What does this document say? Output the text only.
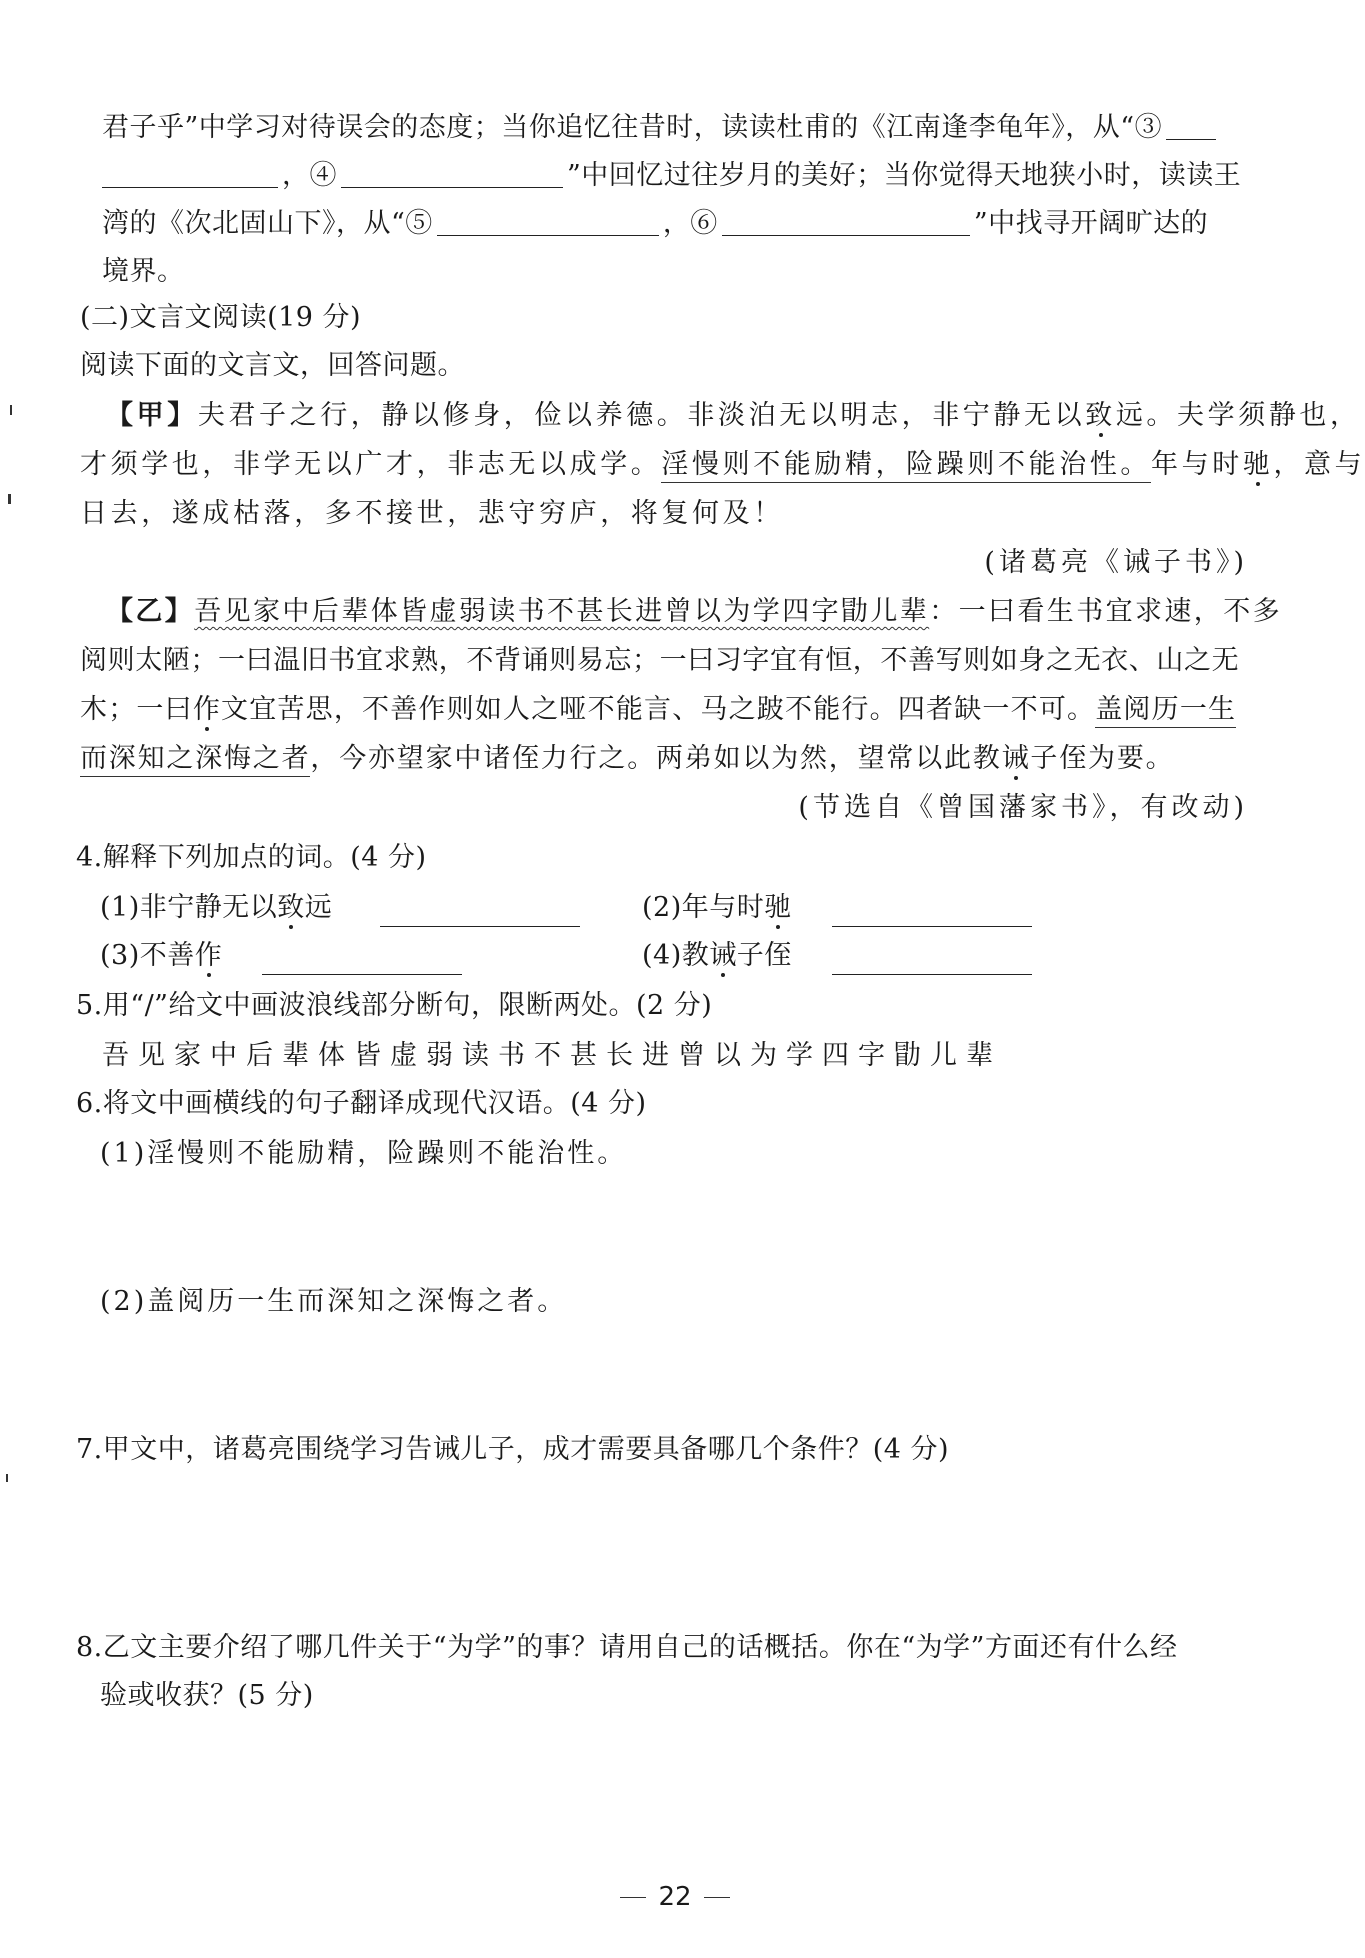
君子乎”中学习对待误会的态度；当你追忆往昔时，读读杜甫的《江南逢李龟年》，从“③
，④	”中回忆过往岁月的美好；当你觉得天地狭小时，读读王
湾的《次北固山下》，从“⑤	，⑥	”中找寻开阔旷达的
境界。
(二)文言文阅读(19 分)
阅读下面的文言文，回答问题。
【甲】夫君子之行，静以修身，俭以养德。非淡泊无以明志，非宁静无以致远。夫学须静也，
才须学也，非学无以广才，非志无以成学。淫慢则不能励精，险躁则不能治性。年与时驰，意与
日去，遂成枯落，多不接世，悲守穷庐，将复何及！
(诸葛亮《诫子书》)
【乙】吾见家中后辈体皆虚弱读书不甚长进曾以为学四字勖儿辈：一曰看生书宜求速，不多
阅则太陋；一曰温旧书宜求熟，不背诵则易忘；一曰习字宜有恒，不善写则如身之无衣、山之无
木；一曰作文宜苦思，不善作则如人之哑不能言、马之跛不能行。四者缺一不可。盖阅历一生
而深知之深悔之者，今亦望家中诸侄力行之。两弟如以为然，望常以此教诫子侄为要。
(节选自《曾国藩家书》，有改动)
4.解释下列加点的词。(4 分)
(1)非宁静无以致远	(2)年与时驰
(3)不善作	(4)教诫子侄
5.用“/”给文中画波浪线部分断句，限断两处。(2 分)
吾见家中后辈体皆虚弱读书不甚长进曾以为学四字勖儿辈
6.将文中画横线的句子翻译成现代汉语。(4 分)
(1)淫慢则不能励精，险躁则不能治性。
(2)盖阅历一生而深知之深悔之者。
7.甲文中，诸葛亮围绕学习告诫儿子，成才需要具备哪几个条件？(4 分)
8.乙文主要介绍了哪几件关于“为学”的事？请用自己的话概括。你在“为学”方面还有什么经
验或收获？(5 分)
22
